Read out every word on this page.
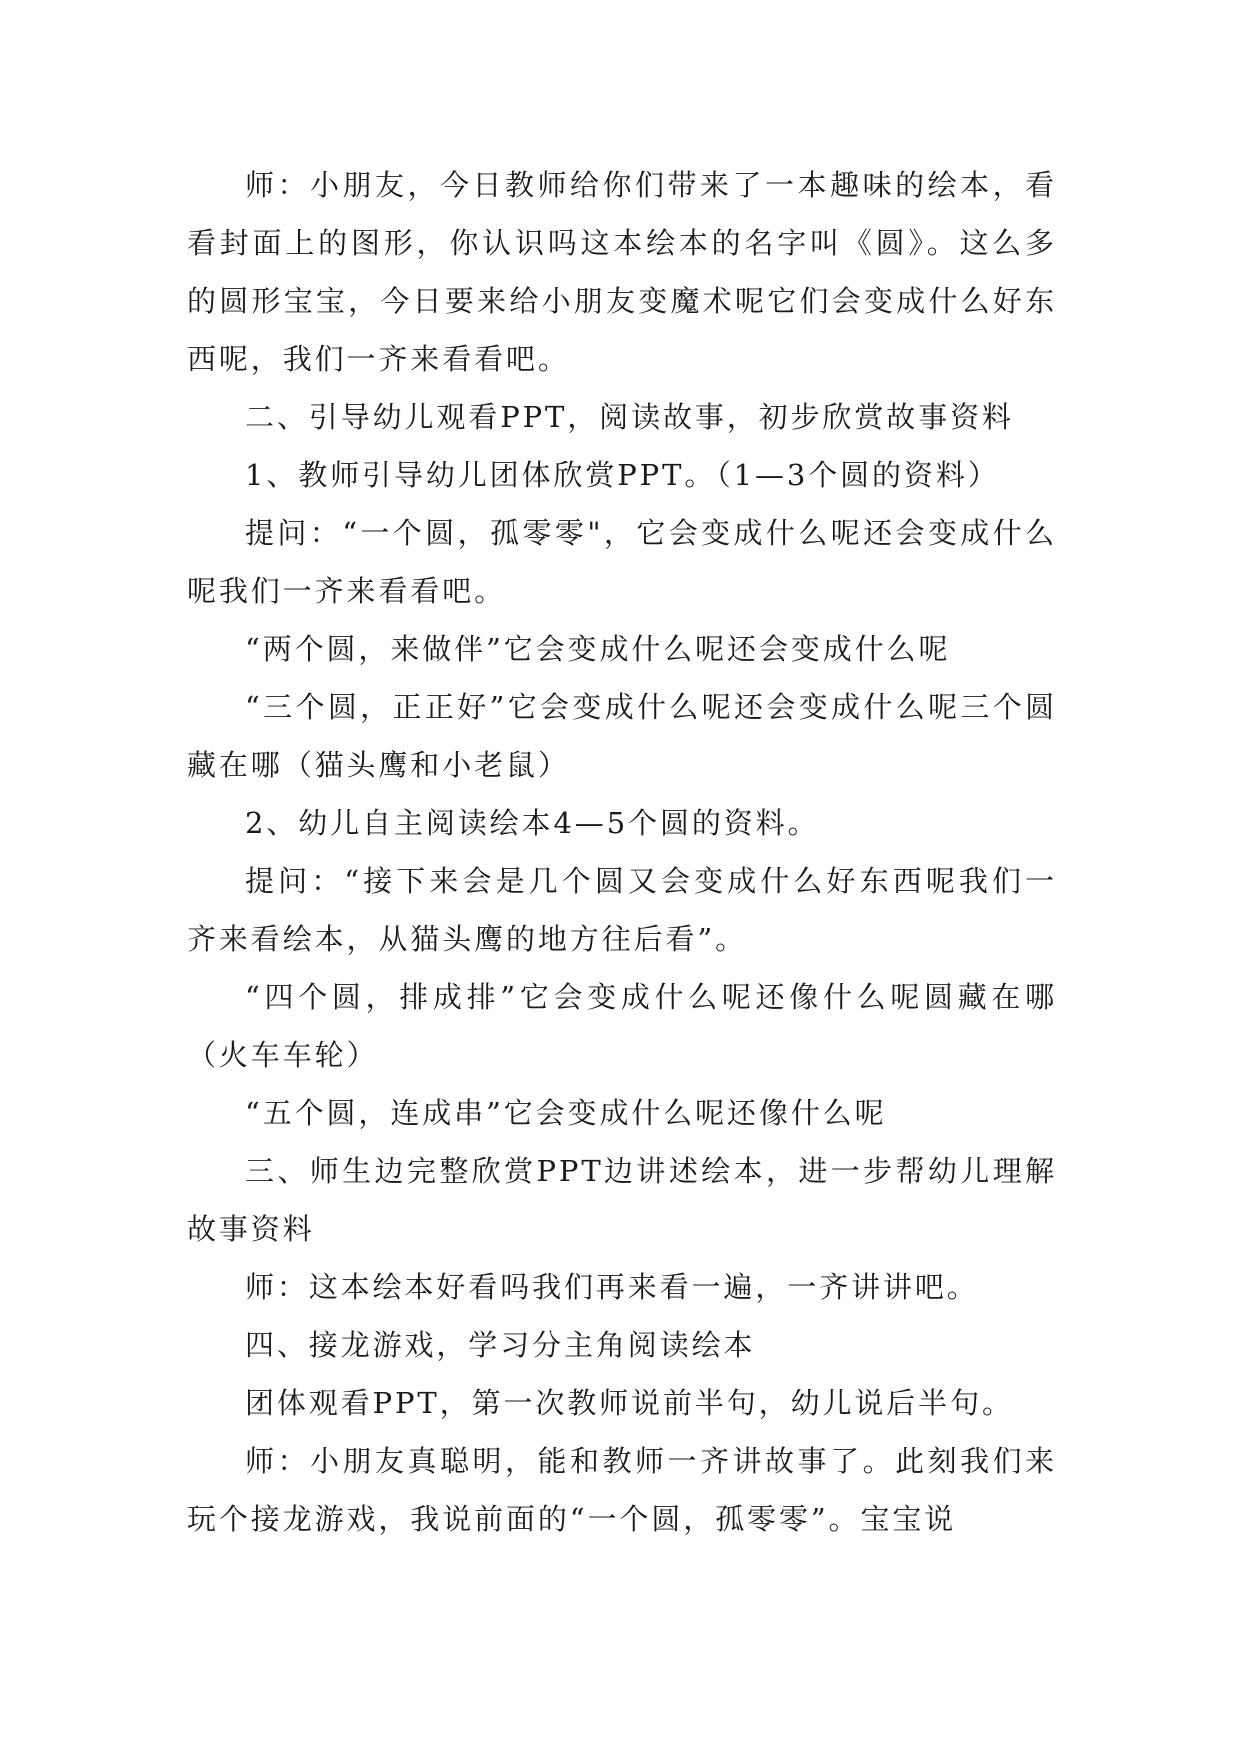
师：小朋友，今日教师给你们带来了一本趣味的绘本，看看封面上的图形，你认识吗这本绘本的名字叫《圆》。这么多的圆形宝宝，今日要来给小朋友变魔术呢它们会变成什么好东西呢，我们一齐来看看吧。

二、引导幼儿观看PPT，阅读故事，初步欣赏故事资料

1、教师引导幼儿团体欣赏PPT。（1—3个圆的资料）

提问：“一个圆，孤零零"，它会变成什么呢还会变成什么呢我们一齐来看看吧。

“两个圆，来做伴”它会变成什么呢还会变成什么呢

“三个圆，正正好”它会变成什么呢还会变成什么呢三个圆藏在哪（猫头鹰和小老鼠）

2、幼儿自主阅读绘本4—5个圆的资料。

提问：“接下来会是几个圆又会变成什么好东西呢我们一齐来看绘本，从猫头鹰的地方往后看”。

“四个圆，排成排”它会变成什么呢还像什么呢圆藏在哪（火车车轮）

“五个圆，连成串”它会变成什么呢还像什么呢

三、师生边完整欣赏PPT边讲述绘本，进一步帮幼儿理解故事资料

师：这本绘本好看吗我们再来看一遍，一齐讲讲吧。

四、接龙游戏，学习分主角阅读绘本

团体观看PPT，第一次教师说前半句，幼儿说后半句。

师：小朋友真聪明，能和教师一齐讲故事了。此刻我们来玩个接龙游戏，我说前面的“一个圆，孤零零”。宝宝说
